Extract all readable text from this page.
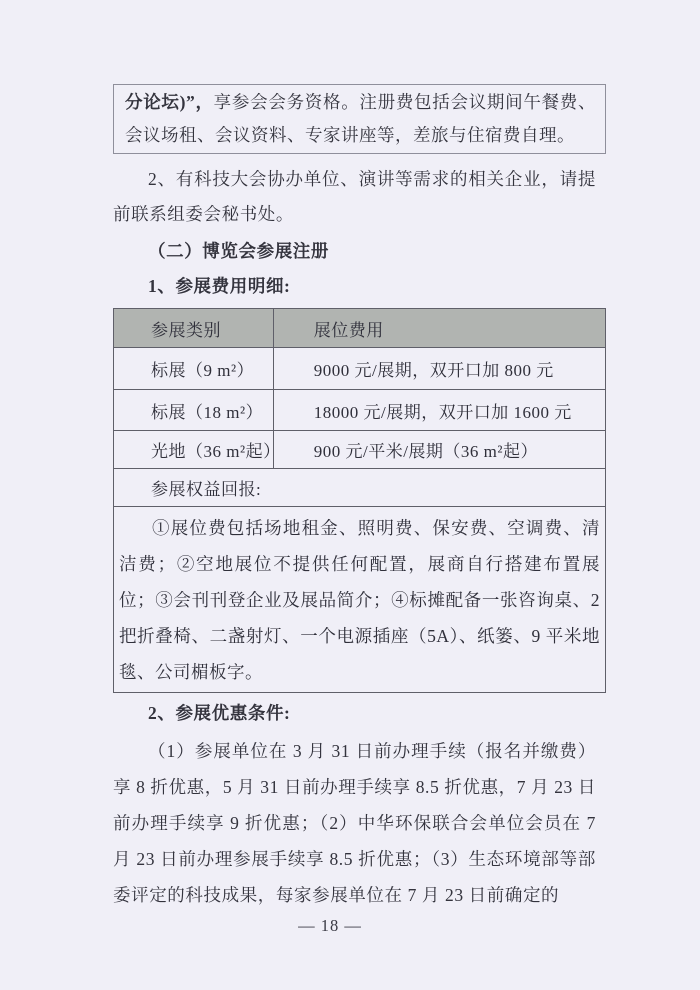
分论坛)”，享参会会务资格。注册费包括会议期间午餐费、会议场租、会议资料、专家讲座等，差旅与住宿费自理。

2、有科技大会协办单位、演讲等需求的相关企业，请提前联系组委会秘书处。

（二）博览会参展注册

1、参展费用明细:

参展类别	展位费用
标展（9 m²）	9000 元/展期，双开口加 800 元
标展（18 m²）	18000 元/展期，双开口加 1600 元
光地（36 m²起）	900 元/平米/展期（36 m²起）
参展权益回报:	
①展位费包括场地租金、照明费、保安费、空调费、清洁费；②空地展位不提供任何配置，展商自行搭建布置展位；③会刊刊登企业及展品简介；④标摊配备一张咨询桌、2 把折叠椅、二盏射灯、一个电源插座（5A）、纸篓、9 平米地毯、公司楣板字。	

2、参展优惠条件:

（1）参展单位在 3 月 31 日前办理手续（报名并缴费）享 8 折优惠，5 月 31 日前办理手续享 8.5 折优惠，7 月 23 日前办理手续享 9 折优惠；（2）中华环保联合会单位会员在 7 月 23 日前办理参展手续享 8.5 折优惠；（3）生态环境部等部委评定的科技成果，每家参展单位在 7 月 23 日前确定的

— 18 —
